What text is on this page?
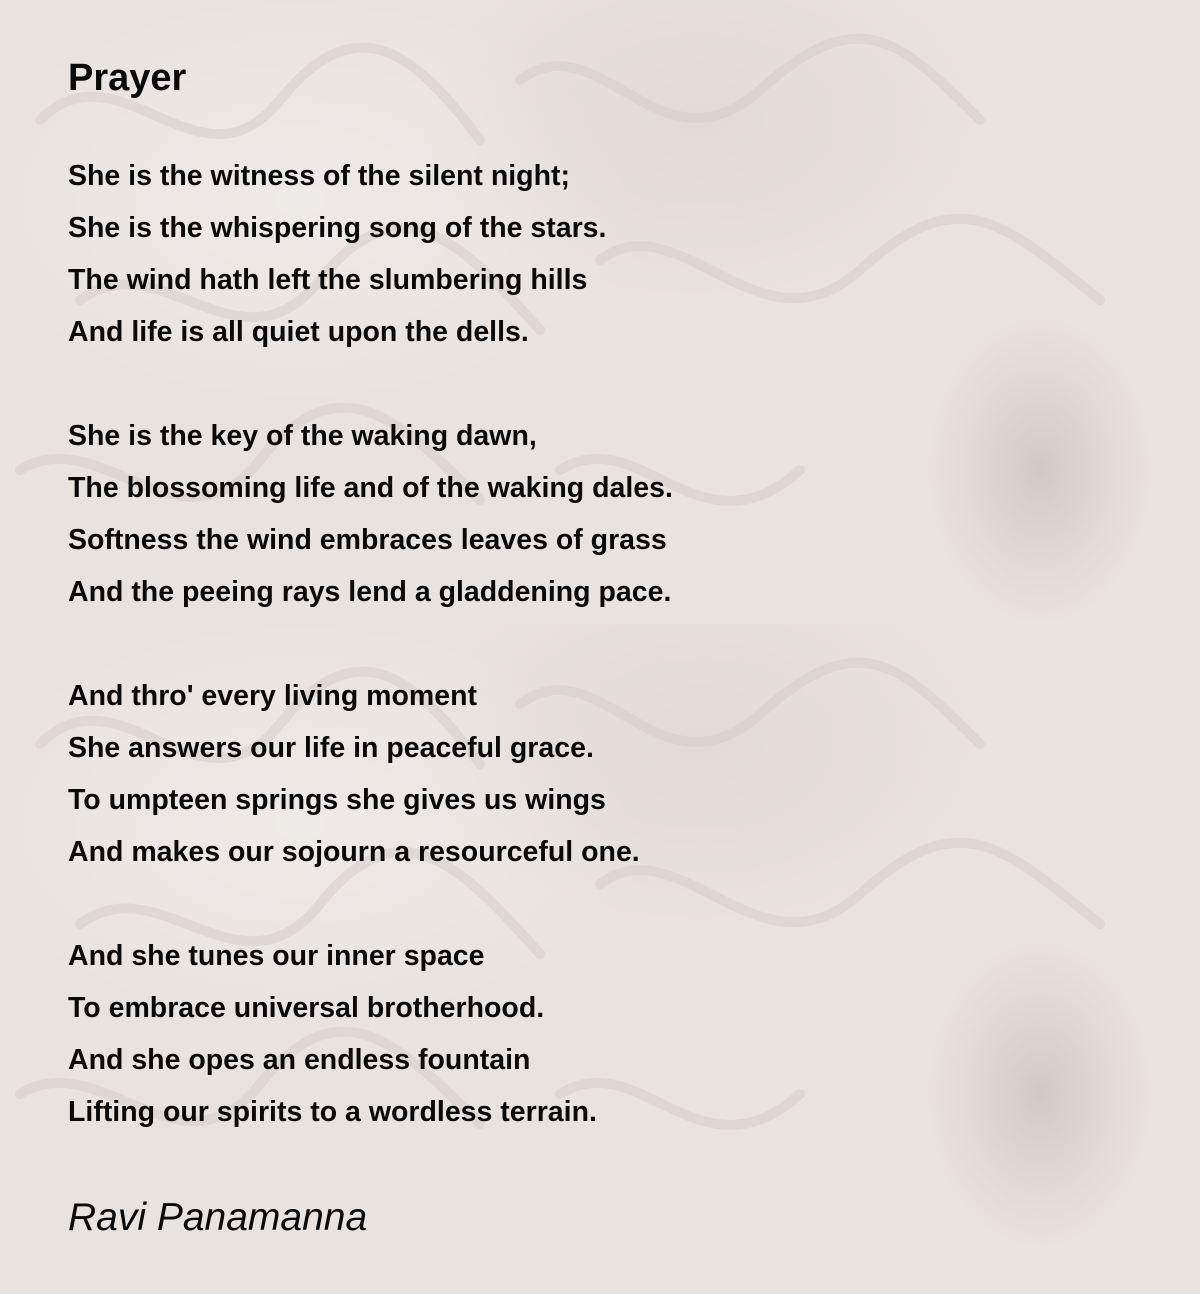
Prayer
She is the witness of the silent night;
She is the whispering song of the stars.
The wind hath left the slumbering hills
And life is all quiet upon the dells.
She is the key of the waking dawn,
The blossoming life and of the waking dales.
Softness the wind embraces leaves of grass
And the peeing rays lend a gladdening pace.
And thro' every living moment
She answers our life in peaceful grace.
To umpteen springs she gives us wings
And makes our sojourn a resourceful one.
And she tunes our inner space
To embrace universal brotherhood.
And she opes an endless fountain
Lifting our spirits to a wordless terrain.
Ravi Panamanna
